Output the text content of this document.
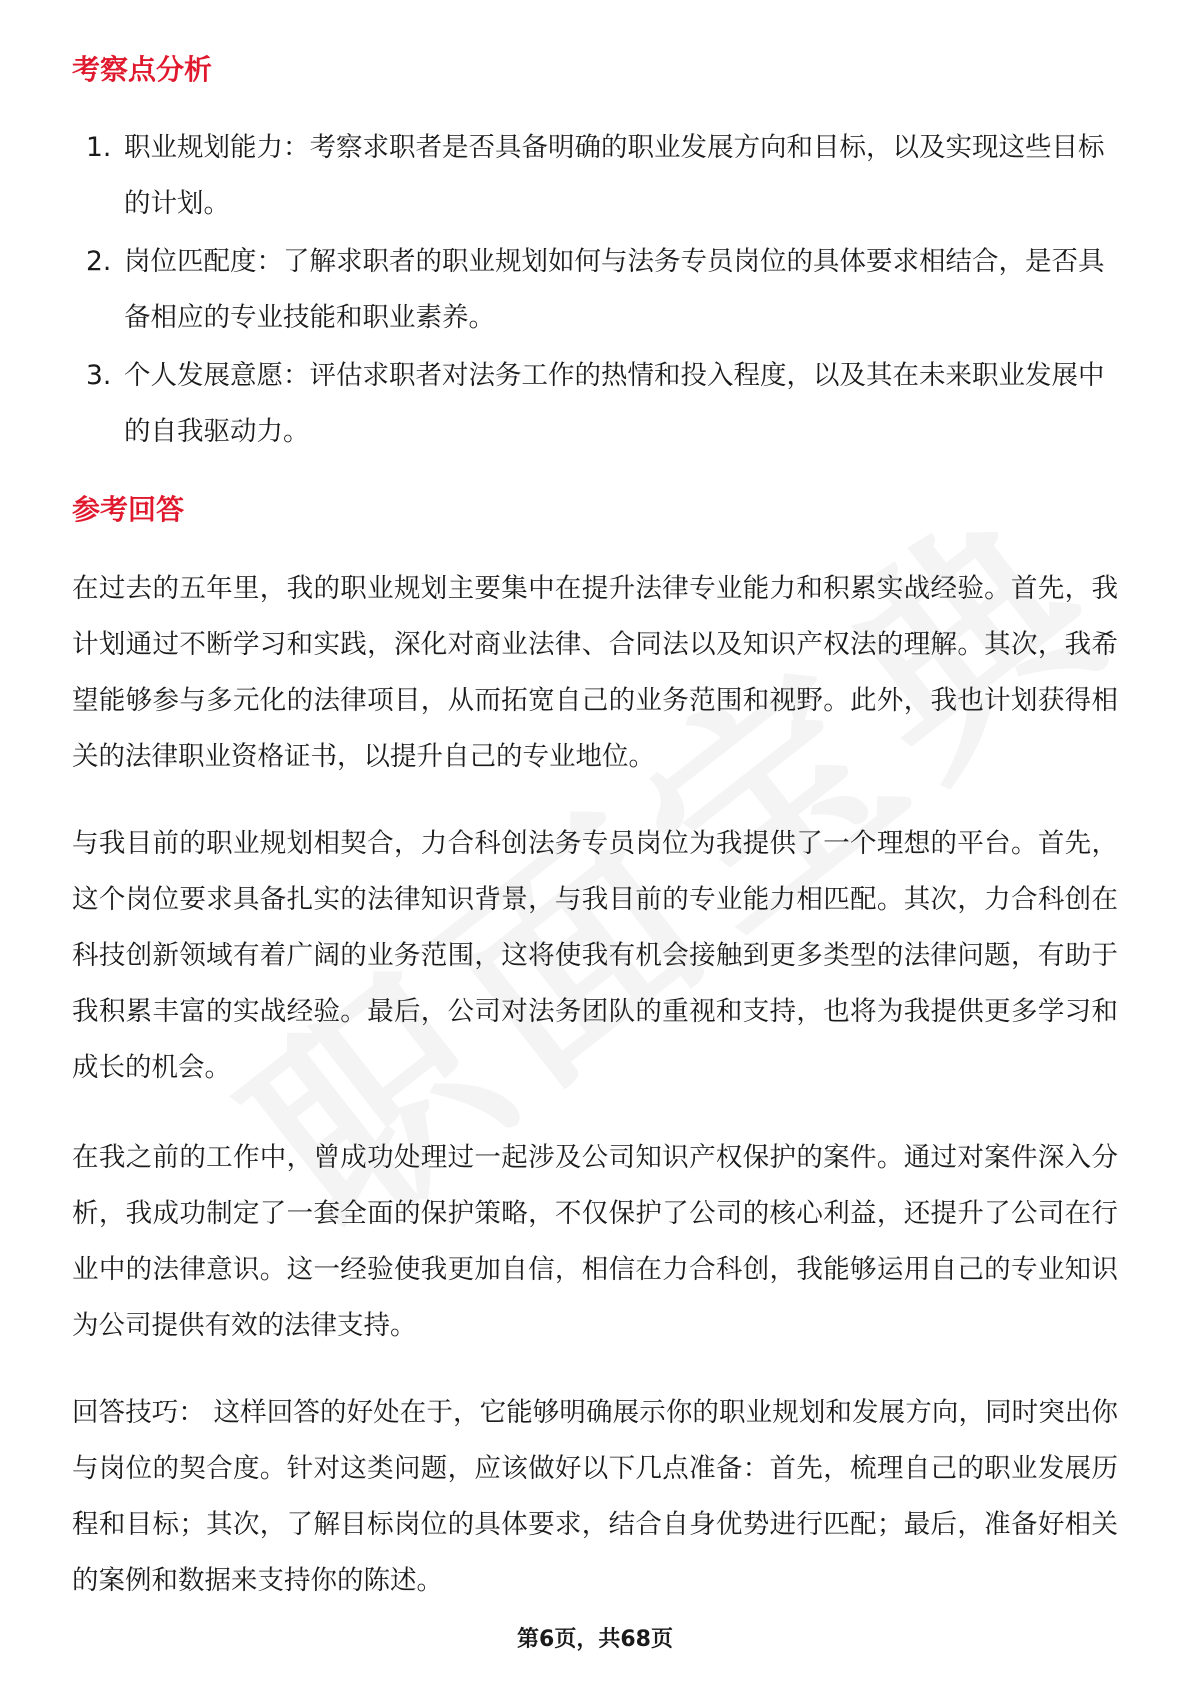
考察点分析
1. 职业规划能力：考察求职者是否具备明确的职业发展方向和目标，以及实现这些目标的计划。
2. 岗位匹配度：了解求职者的职业规划如何与法务专员岗位的具体要求相结合，是否具备相应的专业技能和职业素养。
3. 个人发展意愿：评估求职者对法务工作的热情和投入程度，以及其在未来职业发展中的自我驱动力。
参考回答

在过去的五年里，我的职业规划主要集中在提升法律专业能力和积累实战经验。首先，我计划通过不断学习和实践，深化对商业法律、合同法以及知识产权法的理解。其次，我希望能够参与多元化的法律项目，从而拓宽自己的业务范围和视野。此外，我也计划获得相关的法律职业资格证书，以提升自己的专业地位。

与我目前的职业规划相契合，力合科创法务专员岗位为我提供了一个理想的平台。首先，这个岗位要求具备扎实的法律知识背景，与我目前的专业能力相匹配。其次，力合科创在科技创新领域有着广阔的业务范围，这将使我有机会接触到更多类型的法律问题，有助于我积累丰富的实战经验。最后，公司对法务团队的重视和支持，也将为我提供更多学习和成长的机会。

在我之前的工作中，曾成功处理过一起涉及公司知识产权保护的案件。通过对案件深入分析，我成功制定了一套全面的保护策略，不仅保护了公司的核心利益，还提升了公司在行业中的法律意识。这一经验使我更加自信，相信在力合科创，我能够运用自己的专业知识为公司提供有效的法律支持。

回答技巧： 这样回答的好处在于，它能够明确展示你的职业规划和发展方向，同时突出你与岗位的契合度。针对这类问题，应该做好以下几点准备：首先，梳理自己的职业发展历程和目标；其次，了解目标岗位的具体要求，结合自身优势进行匹配；最后，准备好相关的案例和数据来支持你的陈述。

第6页，共68页
